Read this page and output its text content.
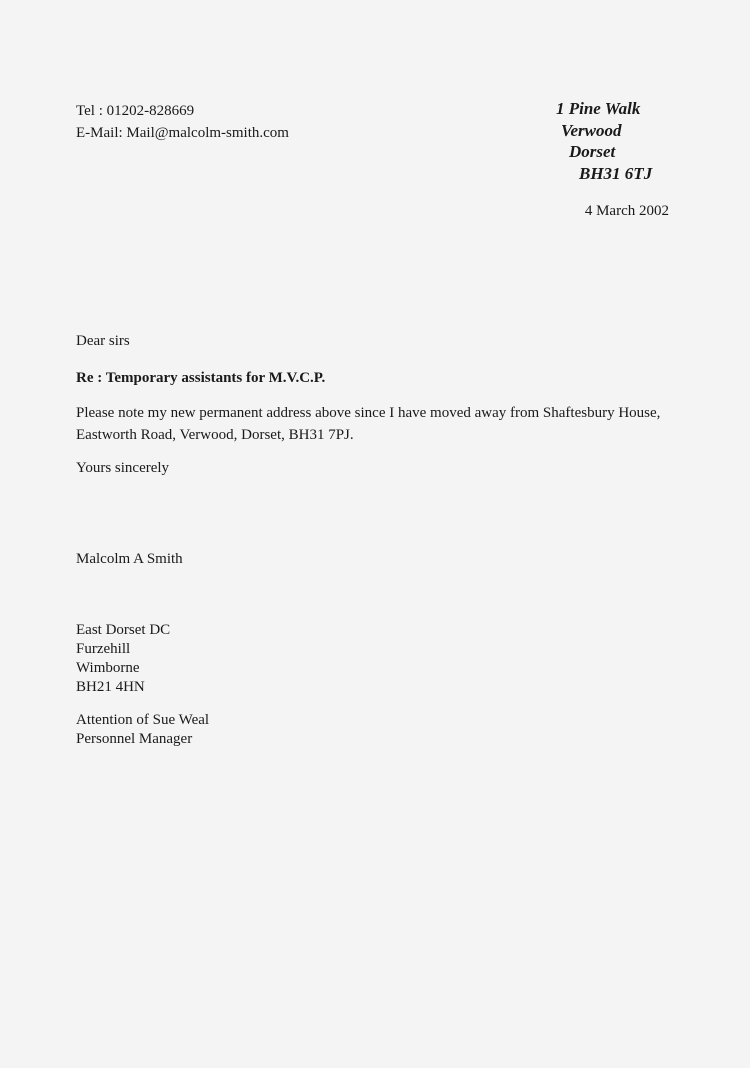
Tel : 01202-828669
E-Mail: Mail@malcolm-smith.com
1 Pine Walk
Verwood
Dorset
BH31 6TJ
4 March 2002
Dear sirs
Re : Temporary assistants for M.V.C.P.
Please note my new permanent address above since I have moved away from Shaftesbury House,
Eastworth Road, Verwood, Dorset, BH31 7PJ.
Yours sincerely
Malcolm A Smith
East Dorset DC
Furzehill
Wimborne
BH21 4HN
Attention of Sue Weal
Personnel Manager
